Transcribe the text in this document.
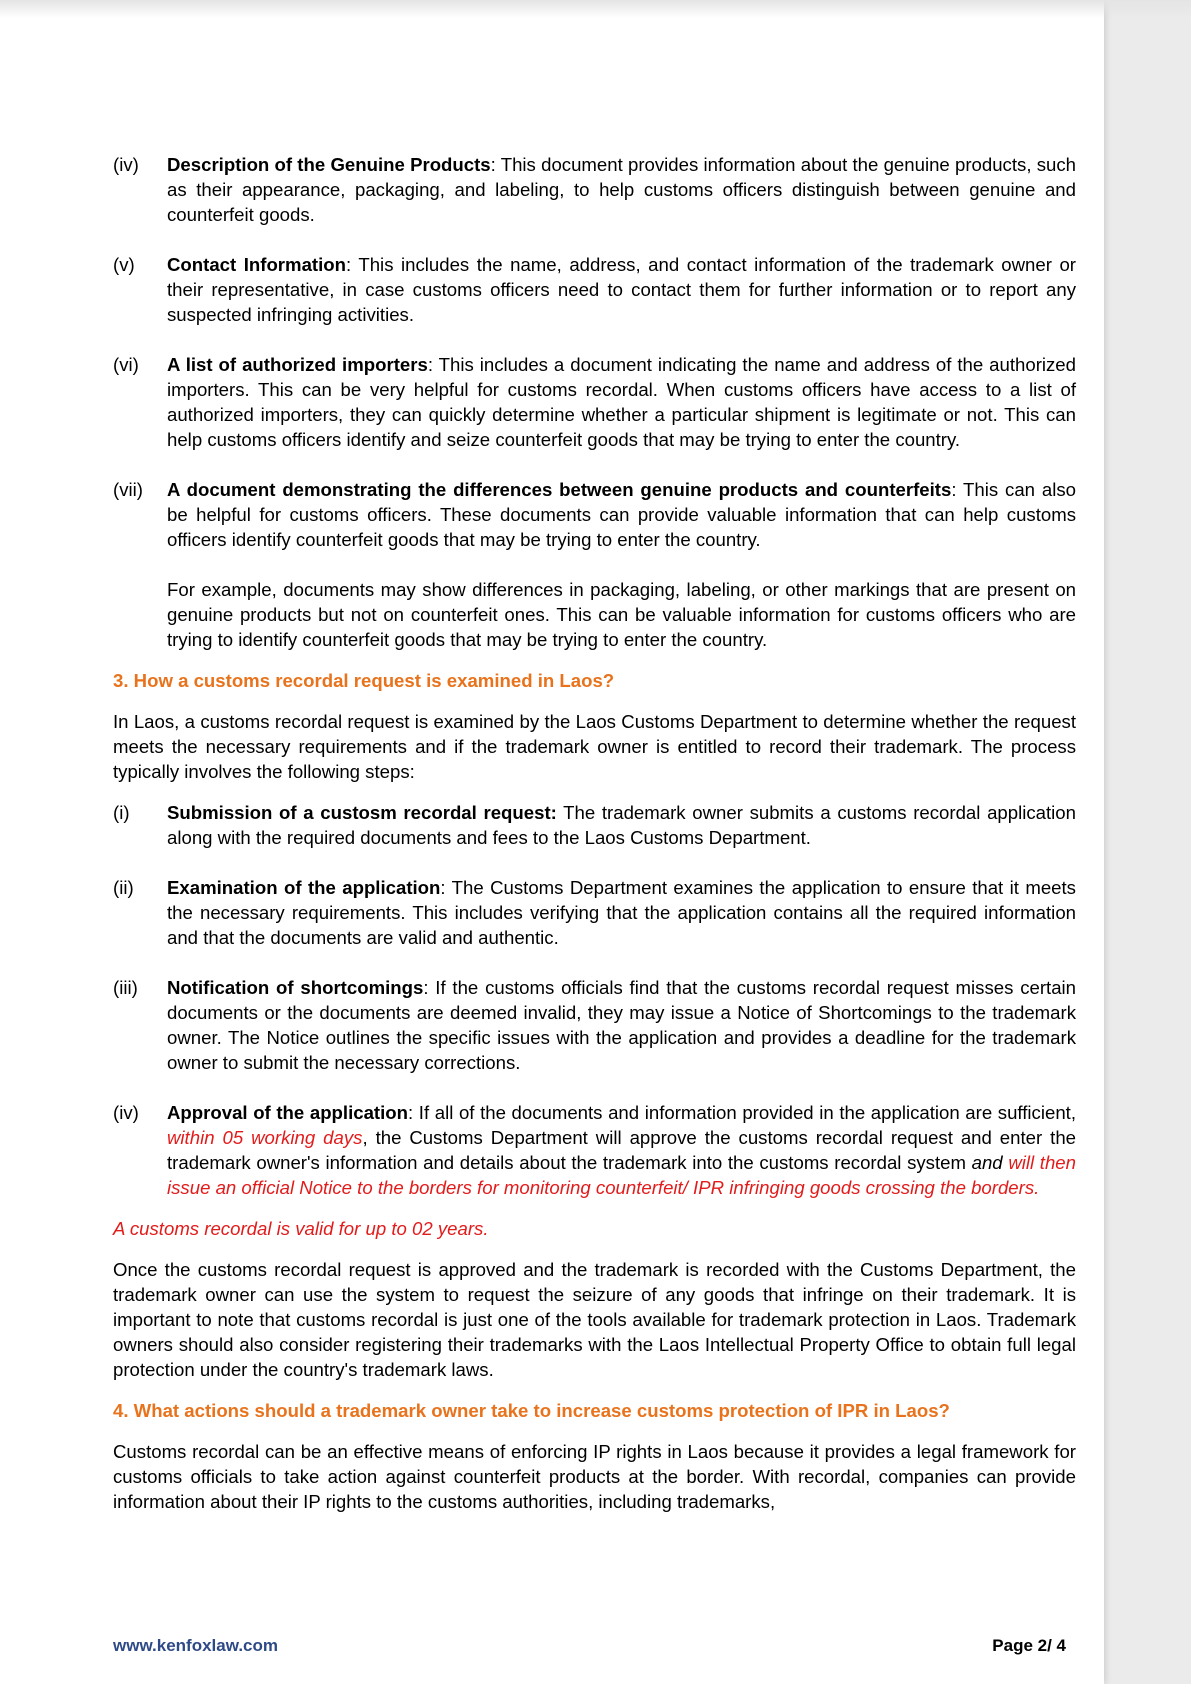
(iv)	Description of the Genuine Products: This document provides information about the genuine products, such as their appearance, packaging, and labeling, to help customs officers distinguish between genuine and counterfeit goods.
(v)	Contact Information: This includes the name, address, and contact information of the trademark owner or their representative, in case customs officers need to contact them for further information or to report any suspected infringing activities.
(vi)	A list of authorized importers: This includes a document indicating the name and address of the authorized importers. This can be very helpful for customs recordal. When customs officers have access to a list of authorized importers, they can quickly determine whether a particular shipment is legitimate or not. This can help customs officers identify and seize counterfeit goods that may be trying to enter the country.
(vii)	A document demonstrating the differences between genuine products and counterfeits: This can also be helpful for customs officers. These documents can provide valuable information that can help customs officers identify counterfeit goods that may be trying to enter the country.

For example, documents may show differences in packaging, labeling, or other markings that are present on genuine products but not on counterfeit ones. This can be valuable information for customs officers who are trying to identify counterfeit goods that may be trying to enter the country.

3. How a customs recordal request is examined in Laos?

In Laos, a customs recordal request is examined by the Laos Customs Department to determine whether the request meets the necessary requirements and if the trademark owner is entitled to record their trademark. The process typically involves the following steps:

(i)	Submission of a custosm recordal request: The trademark owner submits a customs recordal application along with the required documents and fees to the Laos Customs Department.
(ii)	Examination of the application: The Customs Department examines the application to ensure that it meets the necessary requirements. This includes verifying that the application contains all the required information and that the documents are valid and authentic.
(iii)	Notification of shortcomings: If the customs officials find that the customs recordal request misses certain documents or the documents are deemed invalid, they may issue a Notice of Shortcomings to the trademark owner. The Notice outlines the specific issues with the application and provides a deadline for the trademark owner to submit the necessary corrections.
(iv)	Approval of the application: If all of the documents and information provided in the application are sufficient, within 05 working days, the Customs Department will approve the customs recordal request and enter the trademark owner's information and details about the trademark into the customs recordal system and will then issue an official Notice to the borders for monitoring counterfeit/ IPR infringing goods crossing the borders.

A customs recordal is valid for up to 02 years.

Once the customs recordal request is approved and the trademark is recorded with the Customs Department, the trademark owner can use the system to request the seizure of any goods that infringe on their trademark. It is important to note that customs recordal is just one of the tools available for trademark protection in Laos. Trademark owners should also consider registering their trademarks with the Laos Intellectual Property Office to obtain full legal protection under the country's trademark laws.

4. What actions should a trademark owner take to increase customs protection of IPR in Laos?

Customs recordal can be an effective means of enforcing IP rights in Laos because it provides a legal framework for customs officials to take action against counterfeit products at the border. With recordal, companies can provide information about their IP rights to the customs authorities, including trademarks,

www.kenfoxlaw.com	Page 2/ 4
